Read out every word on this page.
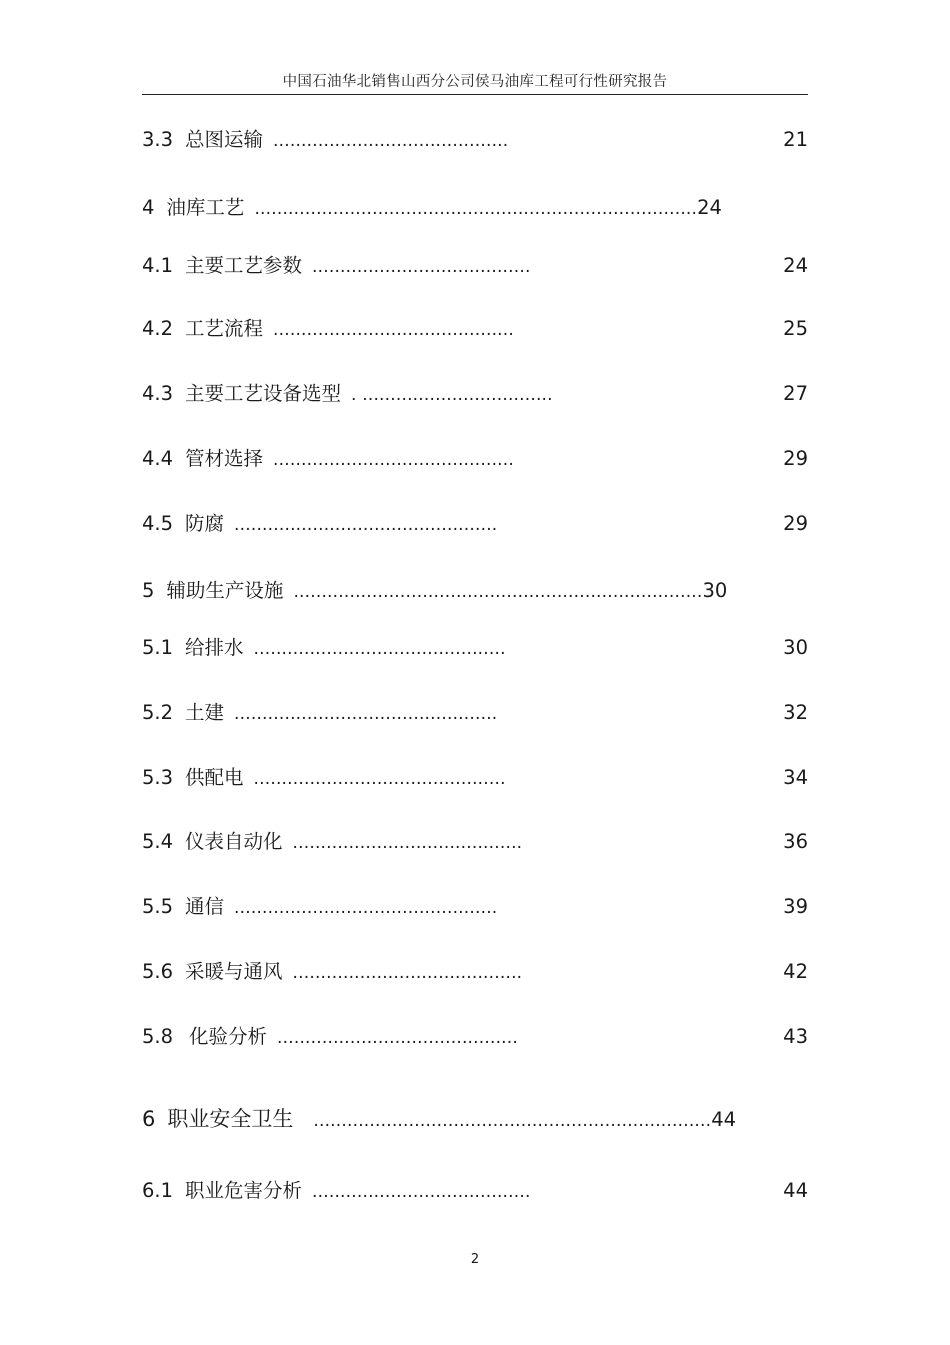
中国石油华北销售山西分公司侯马油库工程可行性研究报告
3.3 总图运输 ..........................................	21
4 油库工艺 ...............................................................................24
4.1 主要工艺参数 .......................................	24
4.2 工艺流程 ...........................................	25
4.3 主要工艺设备选型 . ..................................	27
4.4 管材选择 ...........................................	29
4.5 防腐 ...............................................	29
5 辅助生产设施 .........................................................................30
5.1 给排水 .............................................	30
5.2 土建 ...............................................	32
5.3 供配电 .............................................	34
5.4 仪表自动化 .........................................	36
5.5 通信 ...............................................	39
5.6 采暖与通风 .........................................	42
5.8 化验分析 ...........................................	43
6 职业安全卫生 .......................................................................44
6.1 职业危害分析 .......................................	44
2
